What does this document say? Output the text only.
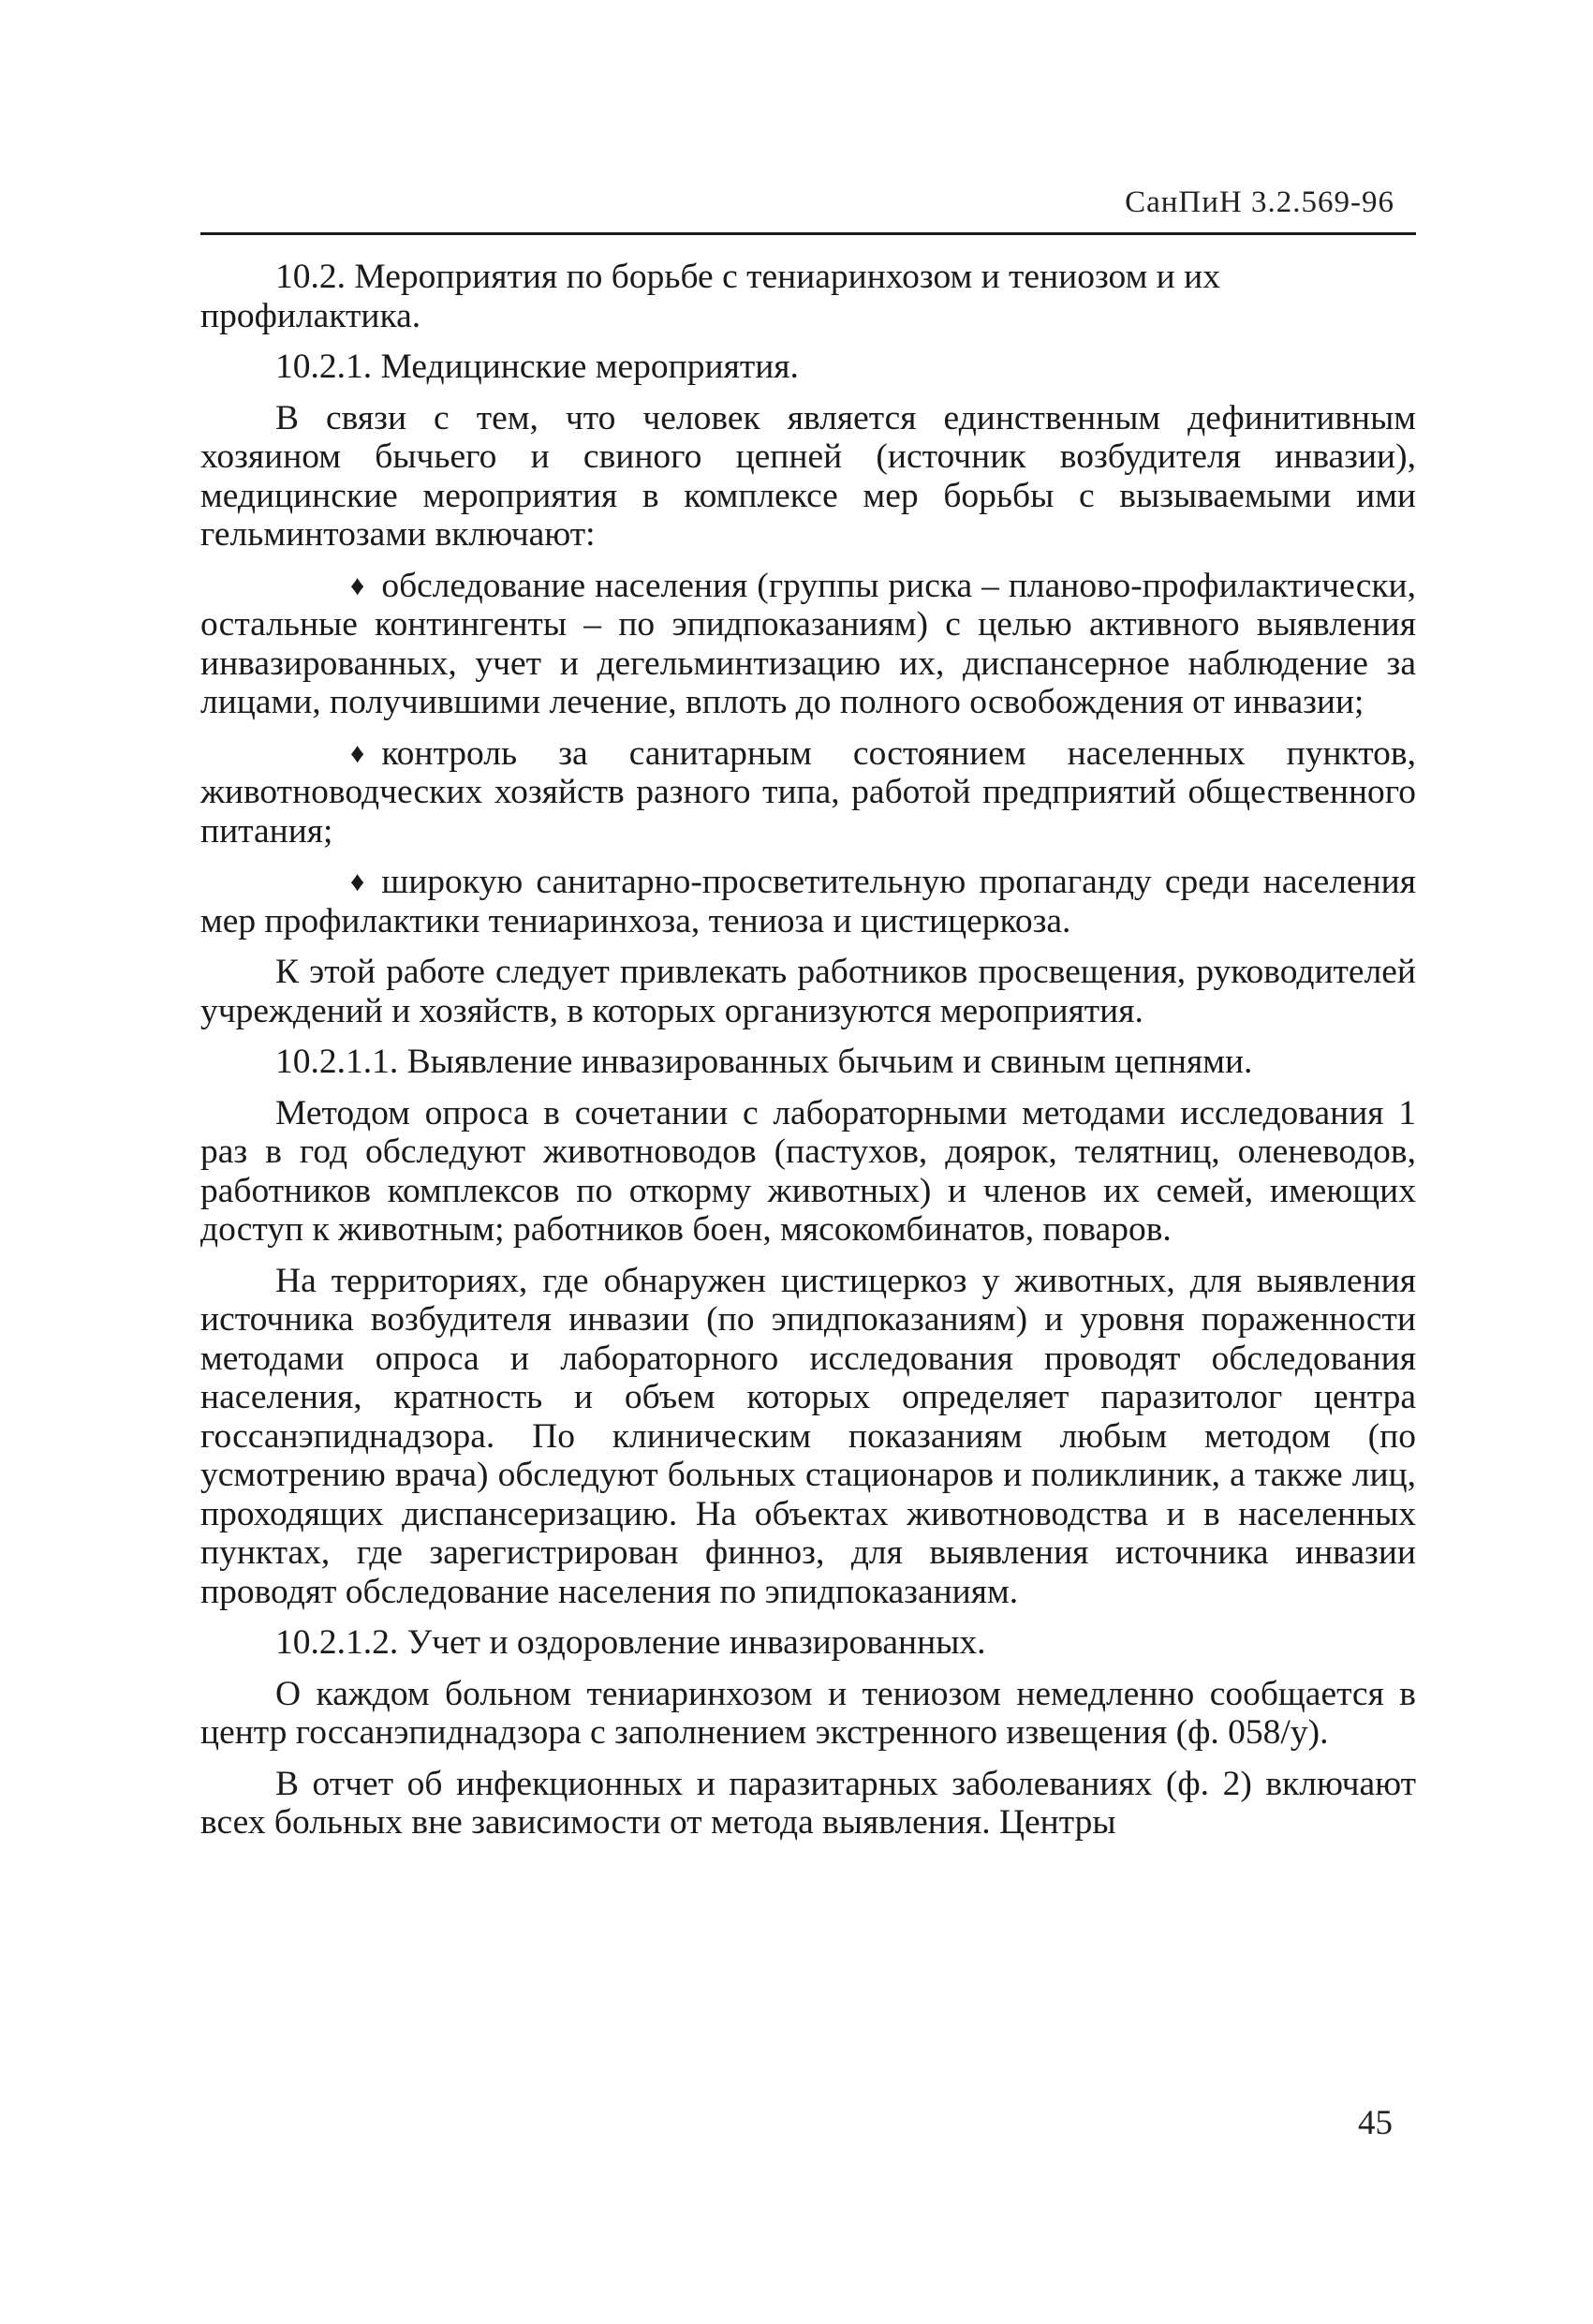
СанПиН 3.2.569-96

10.2. Мероприятия по борьбе с тениаринхозом и тениозом и их профилактика.

10.2.1. Медицинские мероприятия.

В связи с тем, что человек является единственным дефинитивным хозяином бычьего и свиного цепней (источник возбудителя инвазии), медицинские мероприятия в комплексе мер борьбы с вызываемыми ими гельминтозами включают:

♦ обследование населения (группы риска – планово-профилактически, остальные контингенты – по эпидпоказаниям) с целью активного выявления инвазированных, учет и дегельминтизацию их, диспансерное наблюдение за лицами, получившими лечение, вплоть до полного освобождения от инвазии;

♦ контроль за санитарным состоянием населенных пунктов, животноводческих хозяйств разного типа, работой предприятий общественного питания;

♦ широкую санитарно-просветительную пропаганду среди населения мер профилактики тениаринхоза, тениоза и цистицеркоза.

К этой работе следует привлекать работников просвещения, руководителей учреждений и хозяйств, в которых организуются мероприятия.

10.2.1.1. Выявление инвазированных бычьим и свиным цепнями.

Методом опроса в сочетании с лабораторными методами исследования 1 раз в год обследуют животноводов (пастухов, доярок, телятниц, оленеводов, работников комплексов по откорму животных) и членов их семей, имеющих доступ к животным; работников боен, мясокомбинатов, поваров.

На территориях, где обнаружен цистицеркоз у животных, для выявления источника возбудителя инвазии (по эпидпоказаниям) и уровня пораженности методами опроса и лабораторного исследования проводят обследования населения, кратность и объем которых определяет паразитолог центра госсанэпиднадзора. По клиническим показаниям любым методом (по усмотрению врача) обследуют больных стационаров и поликлиник, а также лиц, проходящих диспансеризацию. На объектах животноводства и в населенных пунктах, где зарегистрирован финноз, для выявления источника инвазии проводят обследование населения по эпидпоказаниям.

10.2.1.2. Учет и оздоровление инвазированных.

О каждом больном тениаринхозом и тениозом немедленно сообщается в центр госсанэпиднадзора с заполнением экстренного извещения (ф. 058/у).

В отчет об инфекционных и паразитарных заболеваниях (ф. 2) включают всех больных вне зависимости от метода выявления. Центры

45
